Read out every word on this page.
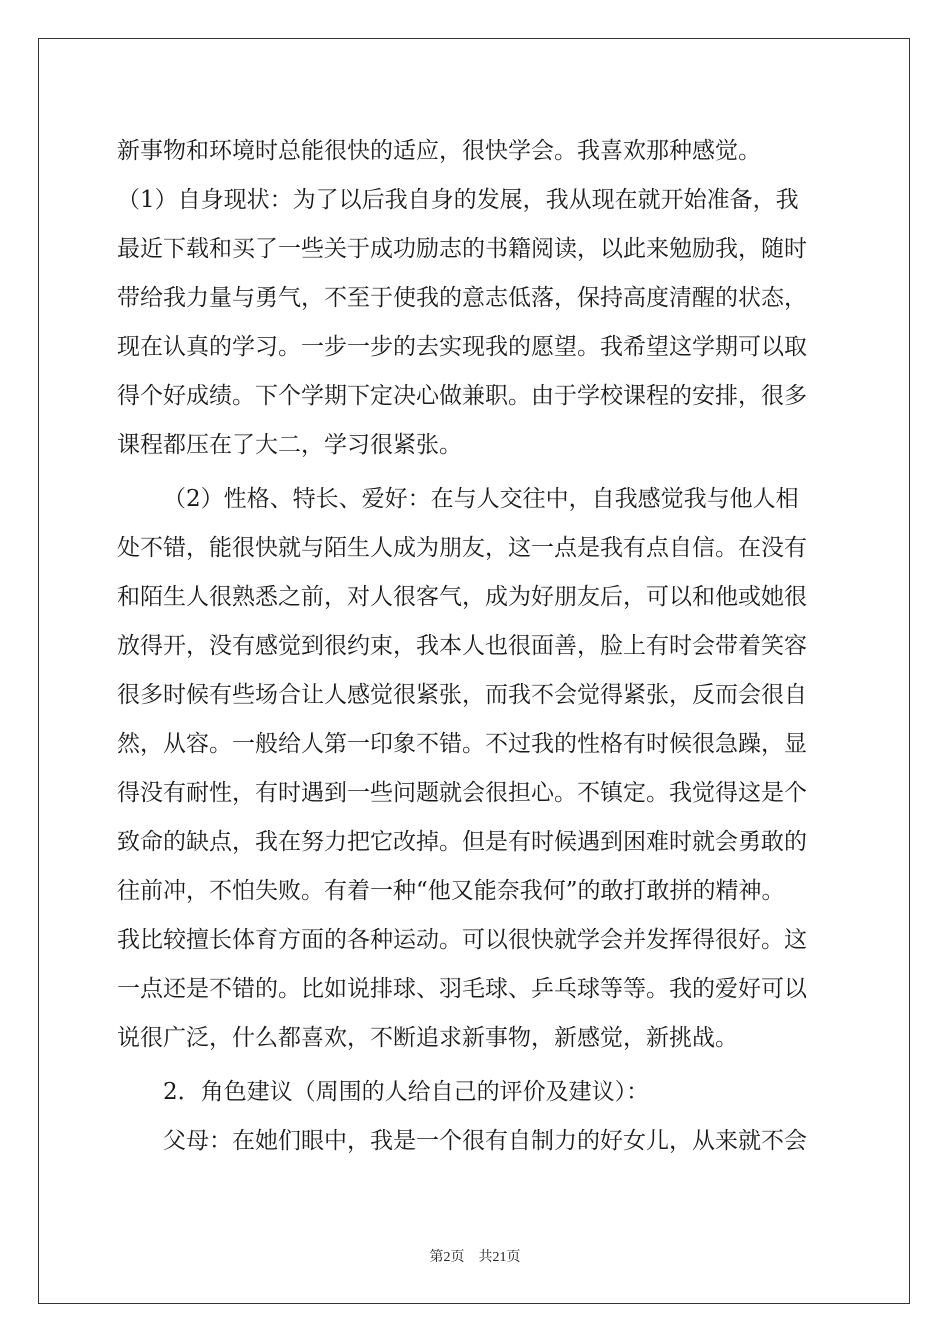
新事物和环境时总能很快的适应，很快学会。我喜欢那种感觉。
（1）自身现状：为了以后我自身的发展，我从现在就开始准备，我
最近下载和买了一些关于成功励志的书籍阅读，以此来勉励我，随时
带给我力量与勇气，不至于使我的意志低落，保持高度清醒的状态，
现在认真的学习。一步一步的去实现我的愿望。我希望这学期可以取
得个好成绩。下个学期下定决心做兼职。由于学校课程的安排，很多
课程都压在了大二，学习很紧张。
（2）性格、特长、爱好：在与人交往中，自我感觉我与他人相
处不错，能很快就与陌生人成为朋友，这一点是我有点自信。在没有
和陌生人很熟悉之前，对人很客气，成为好朋友后，可以和他或她很
放得开，没有感觉到很约束，我本人也很面善，脸上有时会带着笑容
很多时候有些场合让人感觉很紧张，而我不会觉得紧张，反而会很自
然，从容。一般给人第一印象不错。不过我的性格有时候很急躁，显
得没有耐性，有时遇到一些问题就会很担心。不镇定。我觉得这是个
致命的缺点，我在努力把它改掉。但是有时候遇到困难时就会勇敢的
往前冲，不怕失败。有着一种“他又能奈我何”的敢打敢拼的精神。
我比较擅长体育方面的各种运动。可以很快就学会并发挥得很好。这
一点还是不错的。比如说排球、羽毛球、乒乓球等等。我的爱好可以
说很广泛，什么都喜欢，不断追求新事物，新感觉，新挑战。
2．角色建议（周围的人给自己的评价及建议）：
父母：在她们眼中，我是一个很有自制力的好女儿，从来就不会
第2页　共21页
